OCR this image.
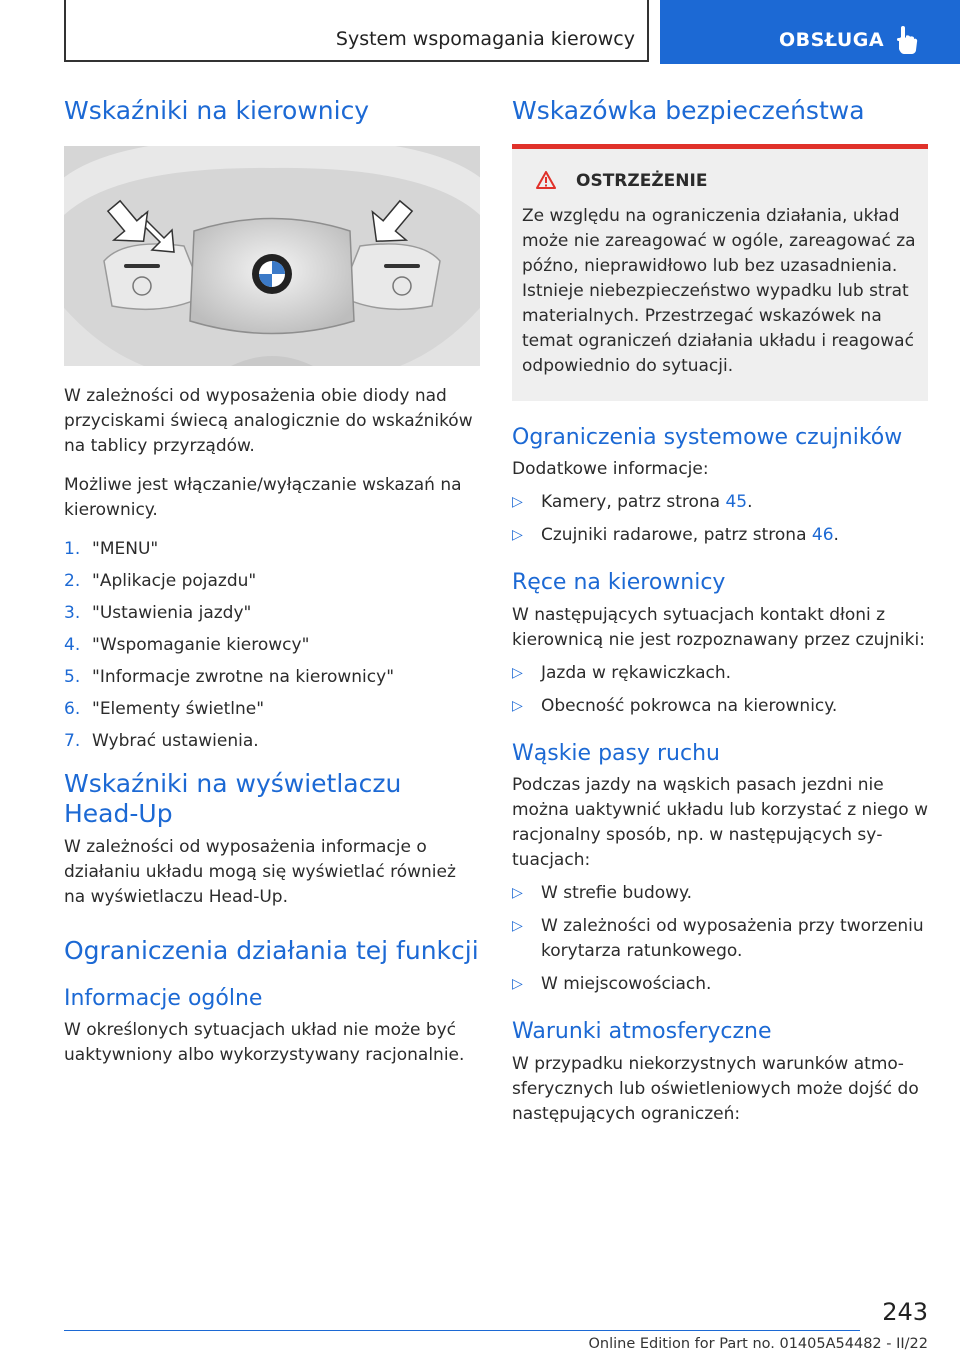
System wspomagania kierowcy	OBSŁUGA
Wskaźniki na kierownicy

W zależności od wyposażenia obie diody nad przyciskami świecą analogicznie do wskaźników na tablicy przyrządów.

Możliwe jest włączanie/wyłączanie wskazań na kierownicy.

1. "MENU"
2. "Aplikacje pojazdu"
3. "Ustawienia jazdy"
4. "Wspomaganie kierowcy"
5. "Informacje zwrotne na kierownicy"
6. "Elementy świetlne"
7. Wybrać ustawienia.
Wskaźniki na wyświetlaczu Head-Up

W zależności od wyposażenia informacje o działaniu układu mogą się wyświetlać również na wyświetlaczu Head-Up.

Ograniczenia działania tej funkcji
Informacje ogólne

W określonych sytuacjach układ nie może być uaktywniony albo wykorzystywany racjonalnie.

Wskazówka bezpieczeństwa
OSTRZEŻENIE

Ze względu na ograniczenia działania, układ może nie zareagować w ogóle, zareagować za późno, nieprawidłowo lub bez uzasadnienia. Istnieje niebezpieczeństwo wypadku lub strat materialnych. Przestrzegać wskazówek na temat ograniczeń działania układu i reagować odpowiednio do sytuacji.

Ograniczenia systemowe czujników

Dodatkowe informacje:

▷ Kamery, patrz strona 45.
▷ Czujniki radarowe, patrz strona 46.
Ręce na kierownicy

W następujących sytuacjach kontakt dłoni z kierownicą nie jest rozpoznawany przez czujniki:

▷ Jazda w rękawiczkach.
▷ Obecność pokrowca na kierownicy.
Wąskie pasy ruchu

Podczas jazdy na wąskich pasach jezdni nie można uaktywnić układu lub korzystać z niego w racjonalny sposób, np. w następujących sytuacjach:

▷ W strefie budowy.
▷ W zależności od wyposażenia przy tworzeniu korytarza ratunkowego.
▷ W miejscowościach.
Warunki atmosferyczne

W przypadku niekorzystnych warunków atmosferycznych lub oświetleniowych może dojść do następujących ograniczeń:

243
Online Edition for Part no. 01405A54482 - II/22
